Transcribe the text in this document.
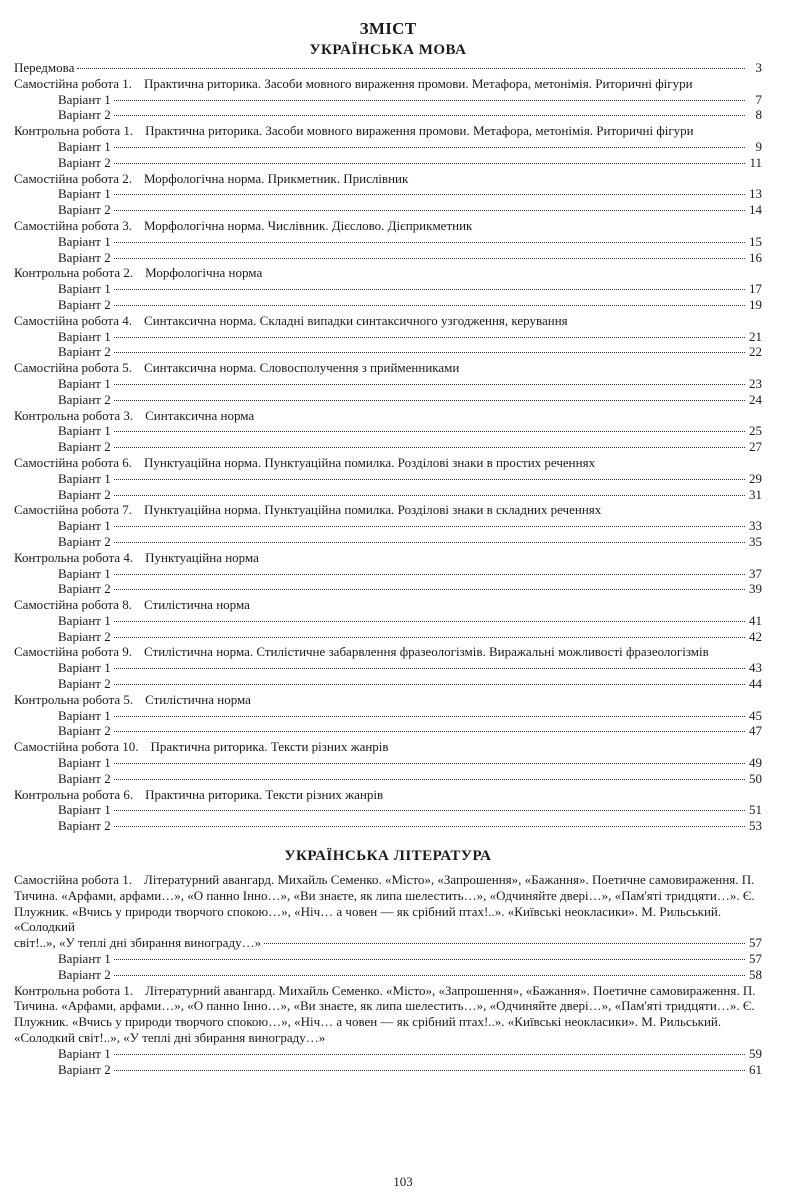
ЗМІСТ
УКРАЇНСЬКА МОВА
Передмова	3
Самостійна робота 1. Практична риторика. Засоби мовного вираження промови. Метафора, метонімія. Риторичні фігури
Варіант 1	7
Варіант 2	8
Контрольна робота 1. Практична риторика. Засоби мовного вираження промови. Метафора, метонімія. Риторичні фігури
Варіант 1	9
Варіант 2	11
Самостійна робота 2. Морфологічна норма. Прикметник. Прислівник
Варіант 1	13
Варіант 2	14
Самостійна робота 3. Морфологічна норма. Числівник. Дієслово. Дієприкметник
Варіант 1	15
Варіант 2	16
Контрольна робота 2. Морфологічна норма
Варіант 1	17
Варіант 2	19
Самостійна робота 4. Синтаксична норма. Складні випадки синтаксичного узгодження, керування
Варіант 1	21
Варіант 2	22
Самостійна робота 5. Синтаксична норма. Словосполучення з прийменниками
Варіант 1	23
Варіант 2	24
Контрольна робота 3. Синтаксична норма
Варіант 1	25
Варіант 2	27
Самостійна робота 6. Пунктуаційна норма. Пунктуаційна помилка. Розділові знаки в простих реченнях
Варіант 1	29
Варіант 2	31
Самостійна робота 7. Пунктуаційна норма. Пунктуаційна помилка. Розділові знаки в складних реченнях
Варіант 1	33
Варіант 2	35
Контрольна робота 4. Пунктуаційна норма
Варіант 1	37
Варіант 2	39
Самостійна робота 8. Стилістична норма
Варіант 1	41
Варіант 2	42
Самостійна робота 9. Стилістична норма. Стилістичне забарвлення фразеологізмів. Виражальні можливості фразеологізмів
Варіант 1	43
Варіант 2	44
Контрольна робота 5. Стилістична норма
Варіант 1	45
Варіант 2	47
Самостійна робота 10. Практична риторика. Тексти різних жанрів
Варіант 1	49
Варіант 2	50
Контрольна робота 6. Практична риторика. Тексти різних жанрів
Варіант 1	51
Варіант 2	53
УКРАЇНСЬКА ЛІТЕРАТУРА
Самостійна робота 1. Літературний авангард. Михайль Семенко. «Місто», «Запрошення», «Бажання». Поетичне самовираження. П. Тичина. «Арфами, арфами…», «О панно Інно…», «Ви знаєте, як липа шелестить…», «Одчиняйте двері…», «Пам'яті тридцяти…». Є. Плужник. «Вчись у природи творчого спокою…», «Ніч… а човен — як срібний птах!..». «Київські неокласики». М. Рильський. «Солодкий
світ!..», «У теплі дні збирання винограду…»	57
Варіант 1	57
Варіант 2	58
Контрольна робота 1. Літературний авангард. Михайль Семенко. «Місто», «Запрошення», «Бажання». Поетичне самовираження. П. Тичина. «Арфами, арфами…», «О панно Інно…», «Ви знаєте, як липа шелестить…», «Одчиняйте двері…», «Пам'яті тридцяти…». Є. Плужник. «Вчись у природи творчого спокою…», «Ніч… а човен — як срібний птах!..». «Київські неокласики». М. Рильський. «Солодкий світ!..», «У теплі дні збирання винограду…»
Варіант 1	59
Варіант 2	61
103
